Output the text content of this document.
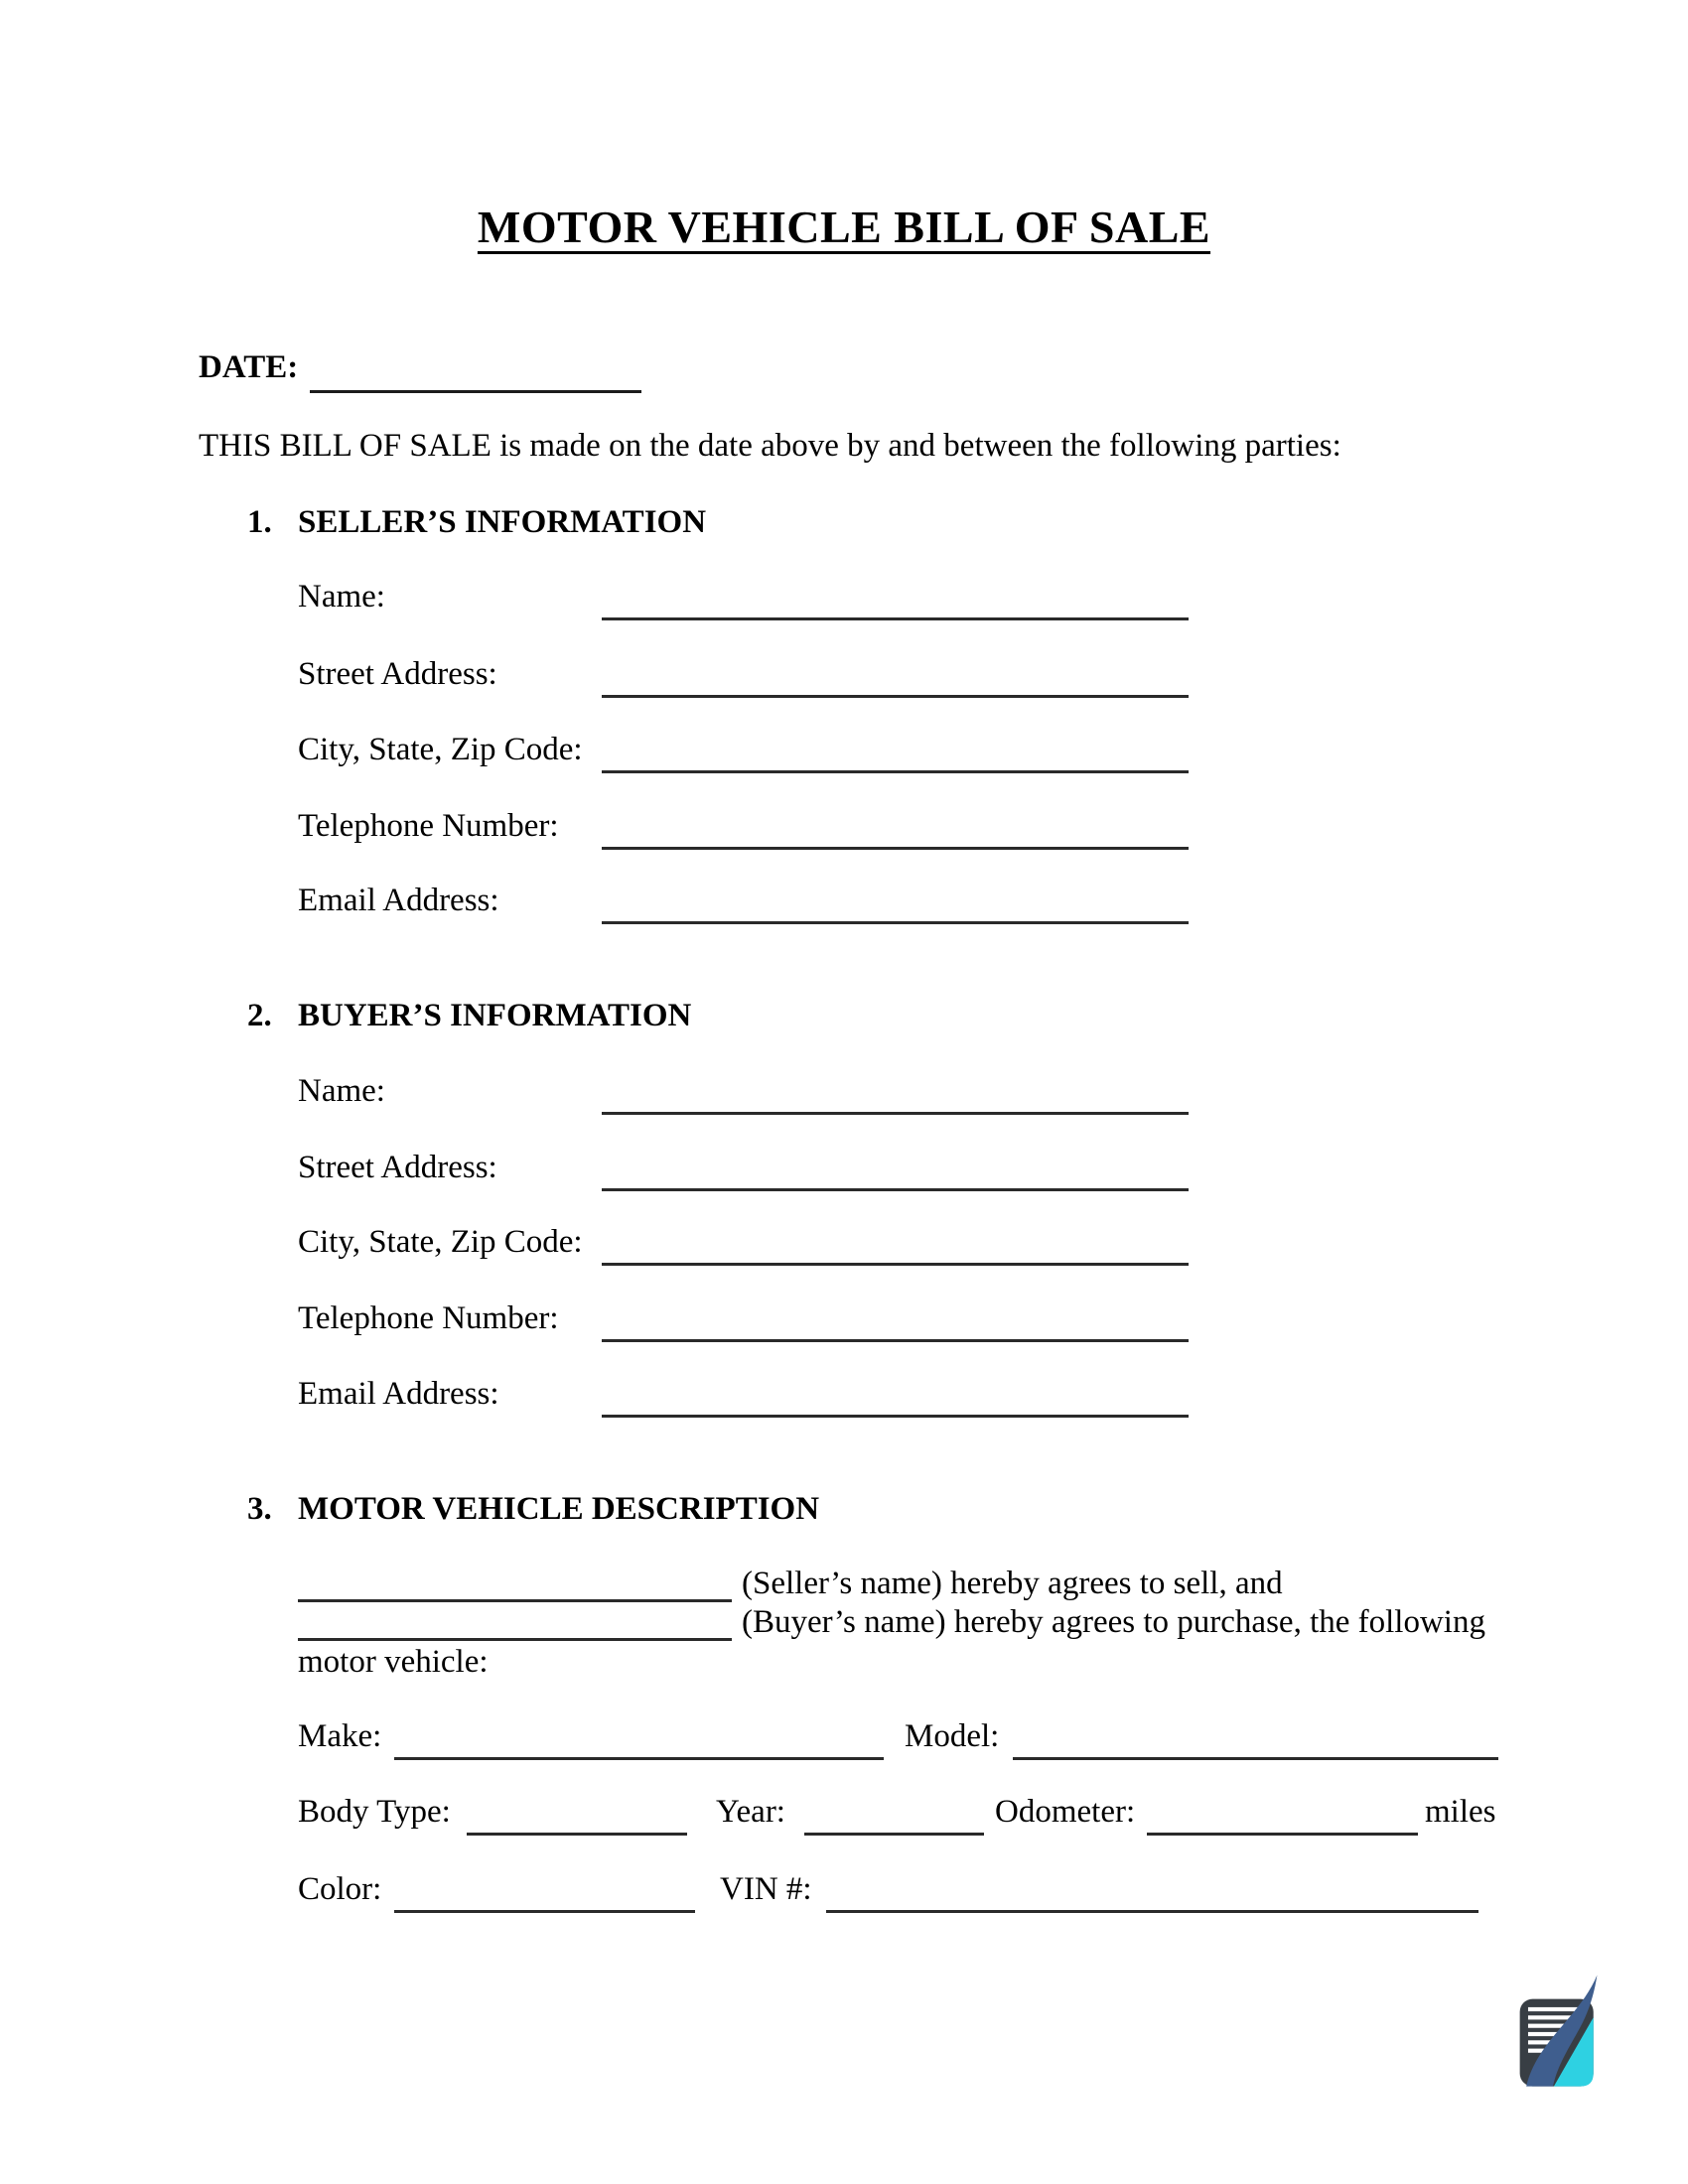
MOTOR VEHICLE BILL OF SALE
DATE:
THIS BILL OF SALE is made on the date above by and between the following parties:
1. SELLER’S INFORMATION
Name:
Street Address:
City, State, Zip Code:
Telephone Number:
Email Address:
2. BUYER’S INFORMATION
Name:
Street Address:
City, State, Zip Code:
Telephone Number:
Email Address:
3. MOTOR VEHICLE DESCRIPTION
(Seller’s name) hereby agrees to sell, and
(Buyer’s name) hereby agrees to purchase, the following
motor vehicle:
Make:	Model:
Body Type:	Year:	Odometer:	miles
Color:	VIN #:
